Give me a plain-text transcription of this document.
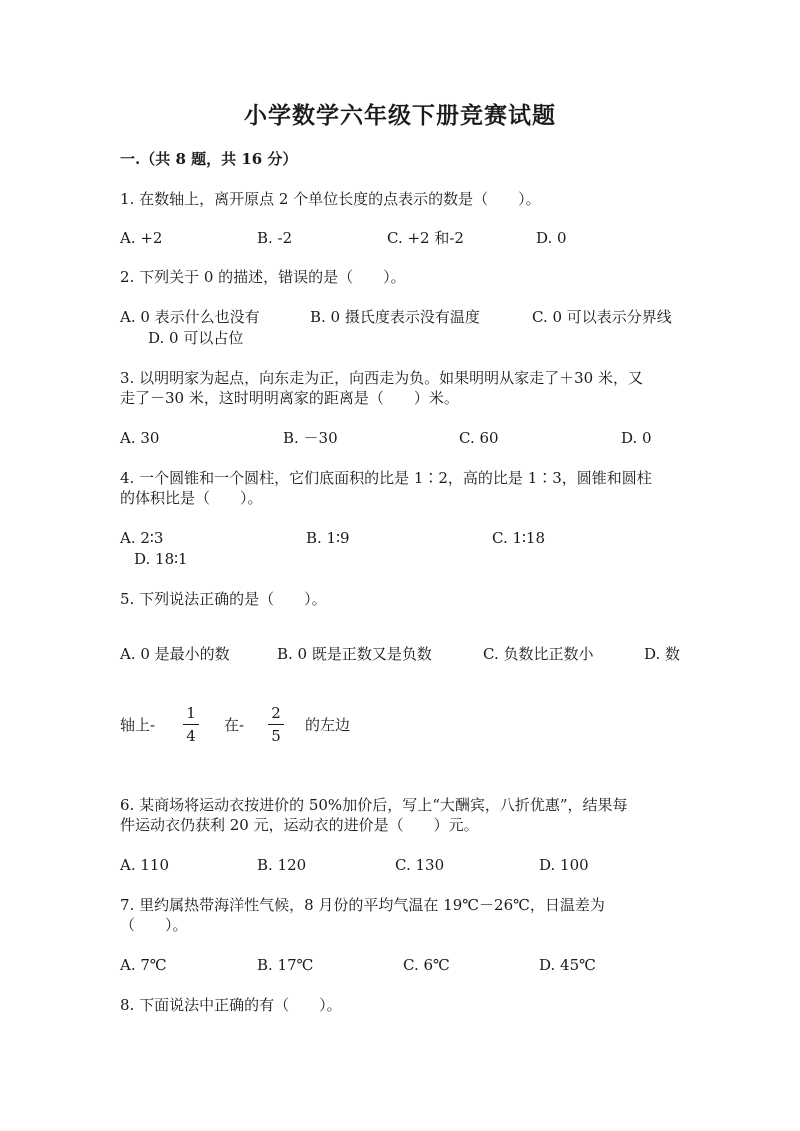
小学数学六年级下册竞赛试题
一.（共 8 题，共 16 分）
1. 在数轴上，离开原点 2 个单位长度的点表示的数是（　　）。
A. +2	B. -2	C. +2 和-2	D. 0
2. 下列关于 0 的描述，错误的是（　　）。
A. 0 表示什么也没有	B. 0 摄氏度表示没有温度	C. 0 可以表示分界线
D. 0 可以占位
3. 以明明家为起点，向东走为正，向西走为负。如果明明从家走了＋30 米，又
走了－30 米，这时明明离家的距离是（　　）米。
A. 30	B. －30	C. 60	D. 0
4. 一个圆锥和一个圆柱，它们底面积的比是 1∶2，高的比是 1∶3，圆锥和圆柱
的体积比是（　　）。
A. 2∶3	B. 1∶9	C. 1∶18
D. 18∶1
5. 下列说法正确的是（　　）。
A. 0 是最小的数	B. 0 既是正数又是负数	C. 负数比正数小	D. 数
轴上-
1
4
在-
2
5
的左边
6. 某商场将运动衣按进价的 50%加价后，写上“大酬宾，八折优惠”，结果每
件运动衣仍获利 20 元，运动衣的进价是（　　）元。
A. 110	B. 120	C. 130	D. 100
7. 里约属热带海洋性气候，8 月份的平均气温在 19℃－26℃，日温差为
（　　）。
A. 7℃	B. 17℃	C. 6℃	D. 45℃
8. 下面说法中正确的有（　　）。
